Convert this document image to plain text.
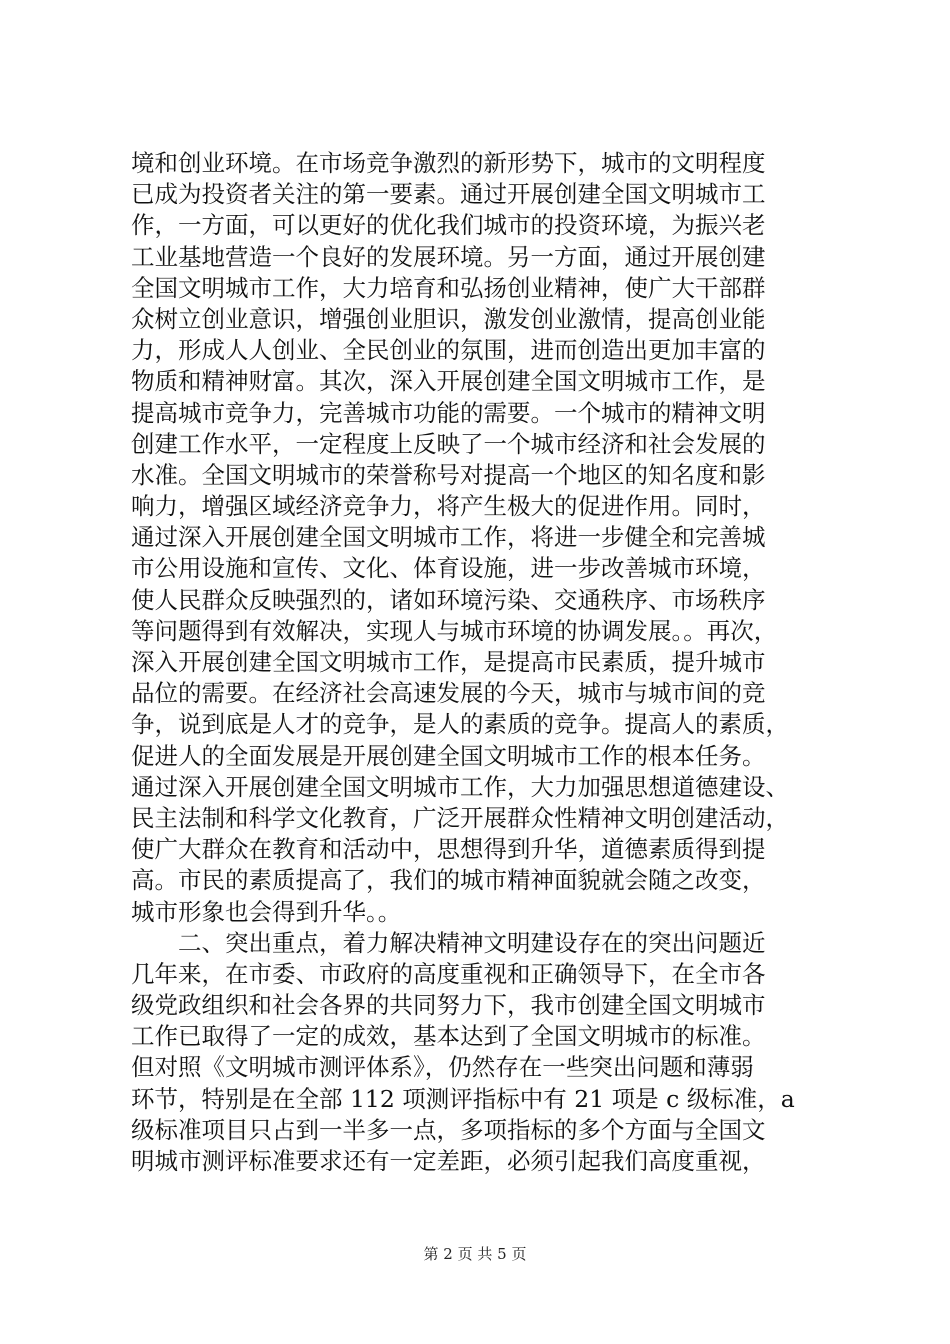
境和创业环境。在市场竞争激烈的新形势下，城市的文明程度
已成为投资者关注的第一要素。通过开展创建全国文明城市工
作，一方面，可以更好的优化我们城市的投资环境，为振兴老
工业基地营造一个良好的发展环境。另一方面，通过开展创建
全国文明城市工作，大力培育和弘扬创业精神，使广大干部群
众树立创业意识，增强创业胆识，激发创业激情，提高创业能
力，形成人人创业、全民创业的氛围，进而创造出更加丰富的
物质和精神财富。其次，深入开展创建全国文明城市工作，是
提高城市竞争力，完善城市功能的需要。一个城市的精神文明
创建工作水平，一定程度上反映了一个城市经济和社会发展的
水准。全国文明城市的荣誉称号对提高一个地区的知名度和影
响力，增强区域经济竞争力，将产生极大的促进作用。同时，
通过深入开展创建全国文明城市工作，将进一步健全和完善城
市公用设施和宣传、文化、体育设施，进一步改善城市环境，
使人民群众反映强烈的，诸如环境污染、交通秩序、市场秩序
等问题得到有效解决，实现人与城市环境的协调发展。。再次，
深入开展创建全国文明城市工作，是提高市民素质，提升城市
品位的需要。在经济社会高速发展的今天，城市与城市间的竞
争，说到底是人才的竞争，是人的素质的竞争。提高人的素质，
促进人的全面发展是开展创建全国文明城市工作的根本任务。
通过深入开展创建全国文明城市工作，大力加强思想道德建设、
民主法制和科学文化教育，广泛开展群众性精神文明创建活动，
使广大群众在教育和活动中，思想得到升华，道德素质得到提
高。市民的素质提高了，我们的城市精神面貌就会随之改变，
城市形象也会得到升华。。
二、突出重点，着力解决精神文明建设存在的突出问题近
几年来，在市委、市政府的高度重视和正确领导下，在全市各
级党政组织和社会各界的共同努力下，我市创建全国文明城市
工作已取得了一定的成效，基本达到了全国文明城市的标准。
但对照《文明城市测评体系》，仍然存在一些突出问题和薄弱
环节，特别是在全部 112 项测评指标中有 21 项是 c 级标准，a
级标准项目只占到一半多一点，多项指标的多个方面与全国文
明城市测评标准要求还有一定差距，必须引起我们高度重视，
第 2 页 共 5 页
